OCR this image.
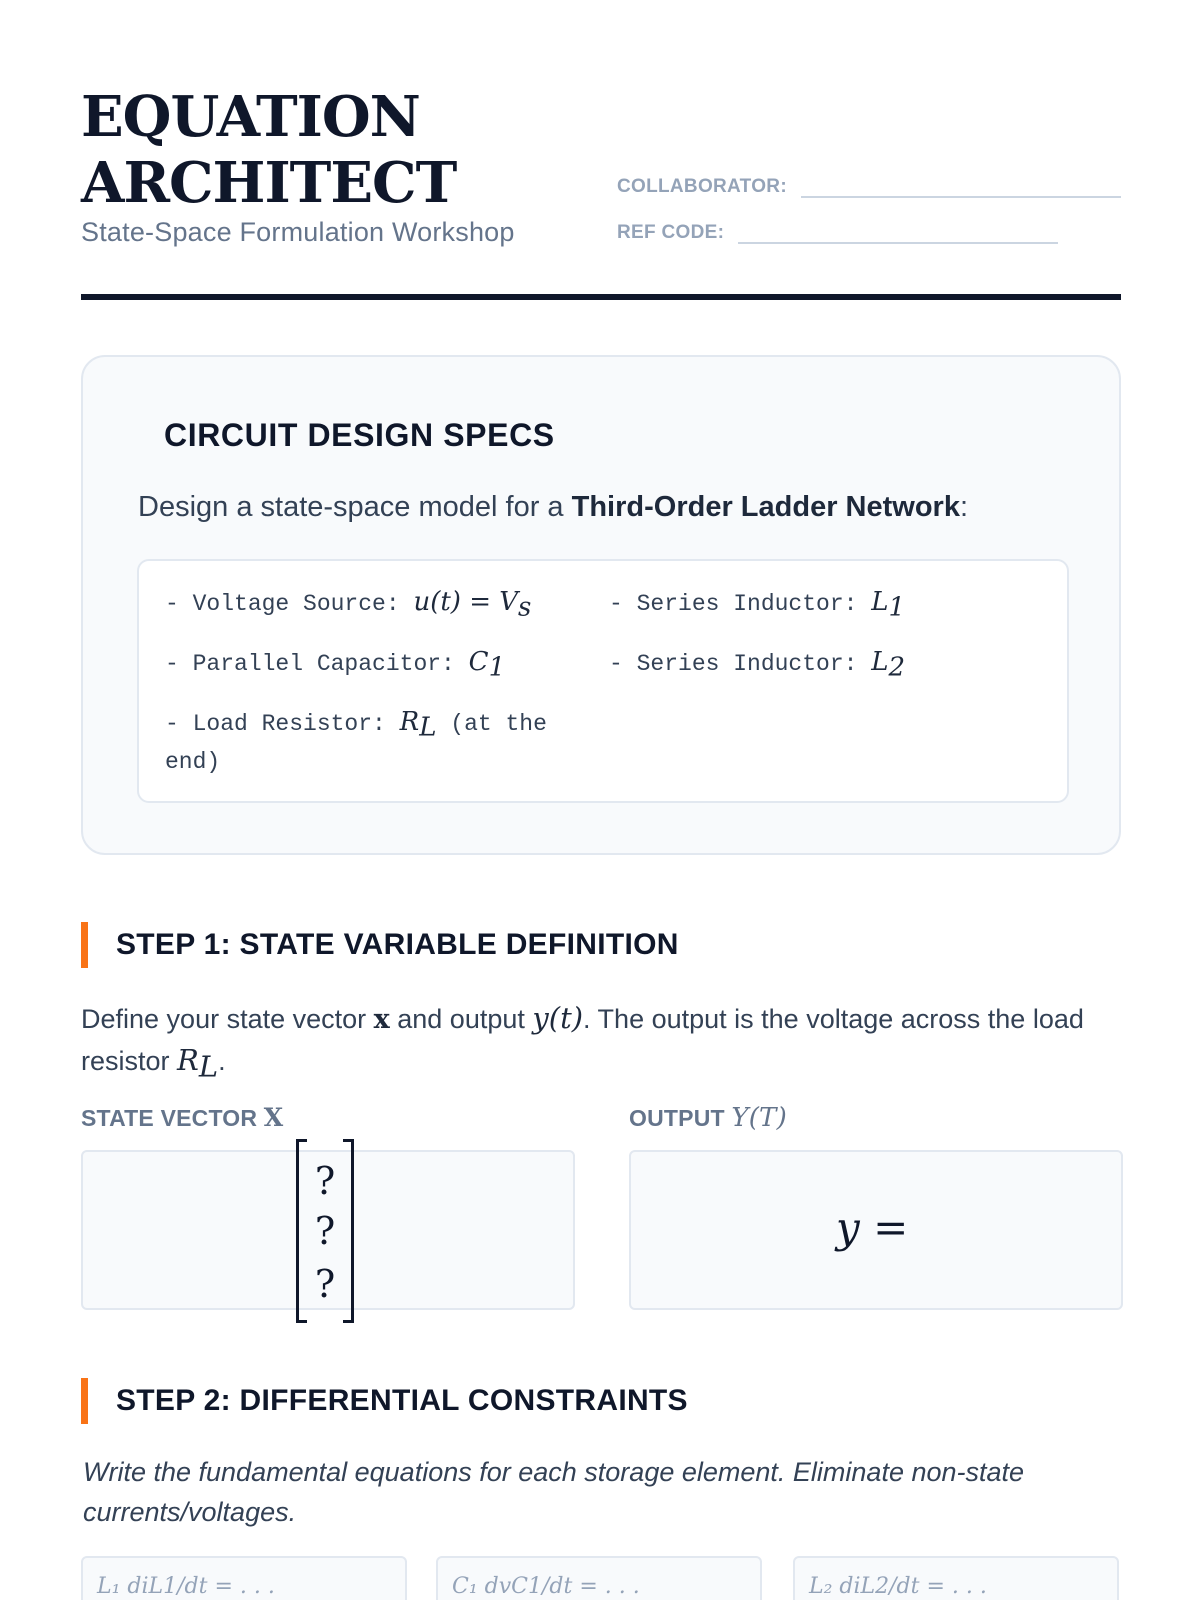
EQUATION ARCHITECT
State-Space Formulation Workshop
COLLABORATOR:
REF CODE:
CIRCUIT DESIGN SPECS
Design a state-space model for a Third-Order Ladder Network:
- Voltage Source: $u(t) = V_s$	- Series Inductor: $L_1$
- Parallel Capacitor: $C_1$	- Series Inductor: $L_2$
- Load Resistor: $R_L$ (at the end)
STEP 1: STATE VARIABLE DEFINITION
Define your state vector x and output y(t). The output is the voltage across the load resistor $R_L$.
STATE VECTOR X	OUTPUT Y(T)
?
?
?
y =
STEP 2: DIFFERENTIAL CONSTRAINTS
Write the fundamental equations for each storage element. Eliminate non-state currents/voltages.
L₁ diL1/dt = . . .	C₁ dvC1/dt = . . .	L₂ diL2/dt = . . .
